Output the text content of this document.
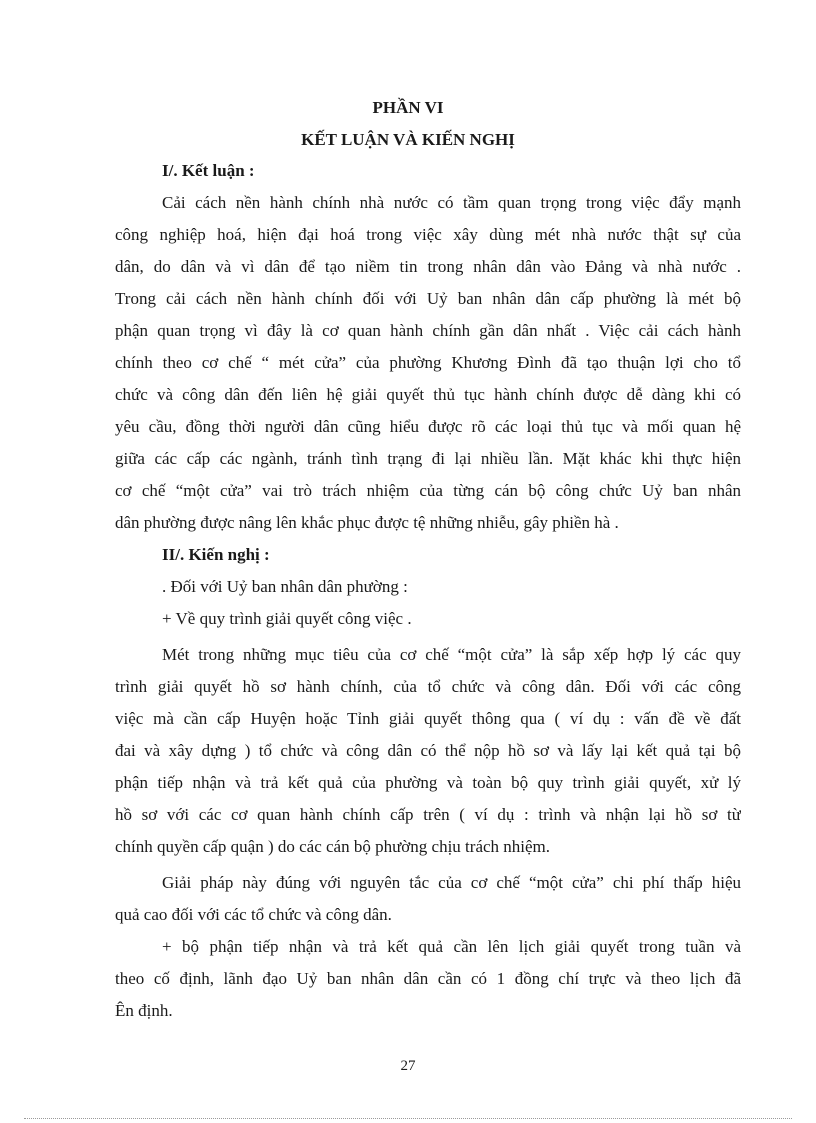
PHẦN VI
KẾT LUẬN VÀ KIẾN NGHỊ
I/. Kết luận :
Cải cách nền hành chính nhà nước có tầm quan trọng trong việc đẩy mạnh
công nghiệp hoá, hiện đại hoá trong việc xây dùng mét nhà nước thật sự của
dân, do dân và vì dân để tạo niềm tin trong nhân dân vào Đảng và nhà nước .
Trong cải cách nền hành chính đối với Uỷ ban nhân dân cấp phường là mét bộ
phận quan trọng vì đây là cơ quan hành chính gần dân nhất . Việc cải cách hành
chính theo cơ chế “ mét cửa” của phường Khương Đình đã tạo thuận lợi cho tổ
chức và công dân đến liên hệ giải quyết thủ tục hành chính được dễ dàng khi có
yêu cầu, đồng thời người dân cũng hiểu được rõ các loại thủ tục và mối quan hệ
giữa các cấp các ngành, tránh tình trạng đi lại nhiều lần. Mặt khác khi thực hiện
cơ chế “một cửa” vai trò trách nhiệm của từng cán bộ công chức Uỷ ban nhân
dân phường được nâng lên khắc phục được tệ những nhiễu, gây phiền hà .
II/. Kiến nghị :
. Đối với Uỷ ban nhân dân phường :
+ Về quy trình giải quyết công việc .
Mét trong những mục tiêu của cơ chế “một cửa” là sắp xếp hợp lý các quy
trình giải quyết hồ sơ hành chính, của tổ chức và công dân. Đối với các công
việc mà cần cấp Huyện hoặc Tỉnh giải quyết thông qua ( ví dụ : vấn đề về đất
đai và xây dựng ) tổ chức và công dân có thể nộp hồ sơ và lấy lại kết quả tại bộ
phận tiếp nhận và trả kết quả của phường và toàn bộ quy trình giải quyết, xử lý
hồ sơ với các cơ quan hành chính cấp trên ( ví dụ : trình và nhận lại hồ sơ từ
chính quyền cấp quận ) do các cán bộ phường chịu trách nhiệm.
Giải pháp này đúng với nguyên tắc của cơ chế “một cửa” chi phí thấp hiệu
quả cao đối với các tổ chức và công dân.
+ bộ phận tiếp nhận và trả kết quả cần lên lịch giải quyết trong tuần và
theo cố định, lãnh đạo Uỷ ban nhân dân cần có 1 đồng chí trực và theo lịch đã
Ên định.
27
